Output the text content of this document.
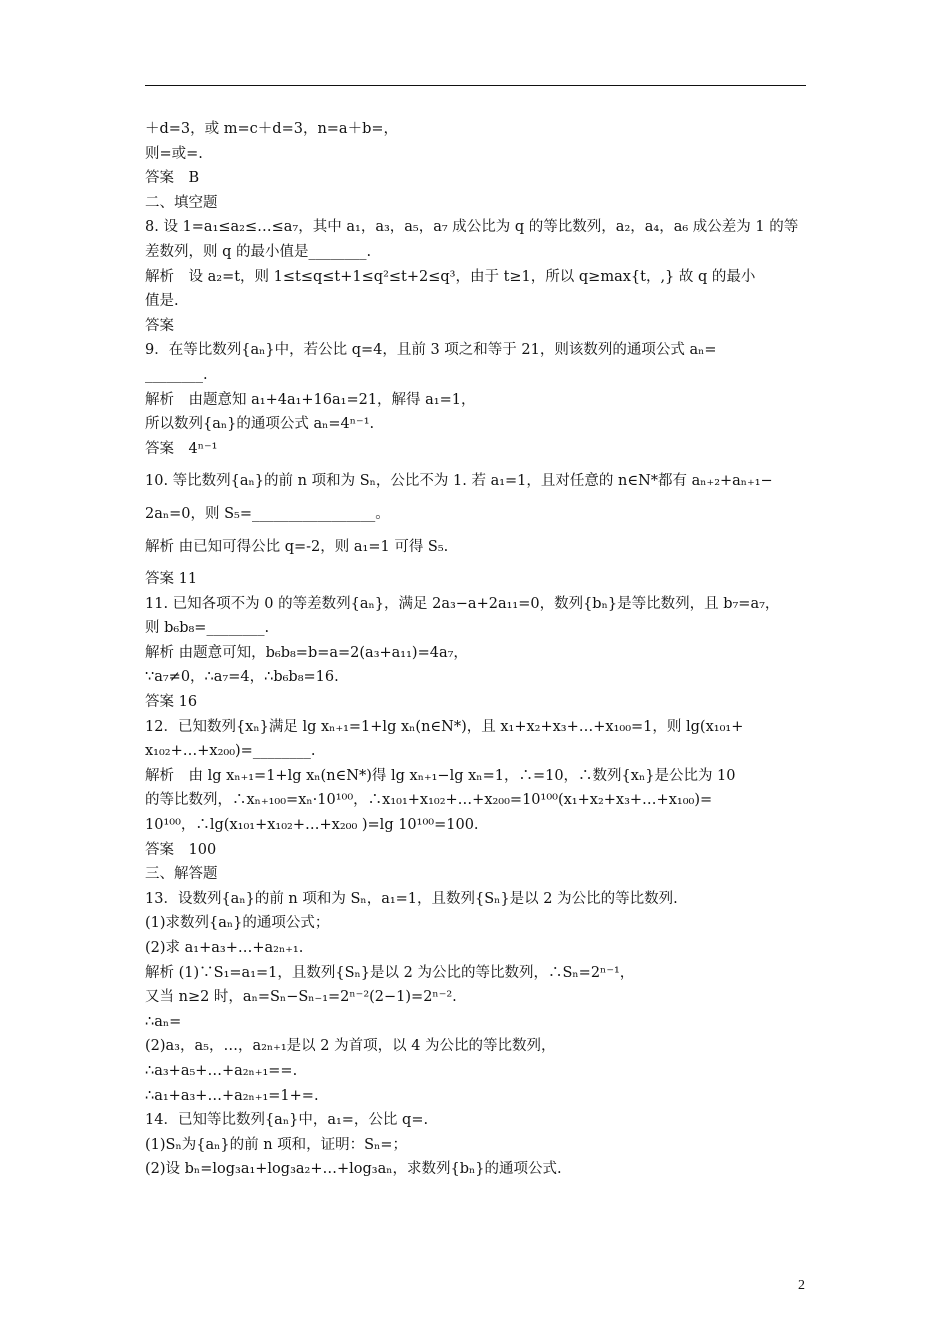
＋d=3，或 m=c＋d=3，n=a＋b=，
则=或=.
答案　B
二、填空题
8. 设 1=a₁≤a₂≤…≤a₇，其中 a₁，a₃，a₅，a₇ 成公比为 q 的等比数列，a₂，a₄，a₆ 成公差为 1 的等
差数列，则 q 的最小值是________.
解析　设 a₂=t，则 1≤t≤q≤t+1≤q²≤t+2≤q³，由于 t≥1，所以 q≥max{t，,} 故 q 的最小
值是.
答案
9．在等比数列{aₙ}中，若公比 q=4，且前 3 项之和等于 21，则该数列的通项公式 aₙ=
________.
解析　由题意知 a₁+4a₁+16a₁=21，解得 a₁=1，
所以数列{aₙ}的通项公式 aₙ=4ⁿ⁻¹.
答案　4ⁿ⁻¹
10. 等比数列{aₙ}的前 n 项和为 Sₙ，公比不为 1. 若 a₁=1，且对任意的 n∈N*都有 aₙ₊₂+aₙ₊₁−
2aₙ=0，则 S₅=_________________。
解析 由已知可得公比 q=-2，则 a₁=1 可得 S₅.
答案 11
11. 已知各项不为 0 的等差数列{aₙ}，满足 2a₃−a+2a₁₁=0，数列{bₙ}是等比数列，且 b₇=a₇，
则 b₆b₈=________.
解析 由题意可知，b₆b₈=b=a=2(a₃+a₁₁)=4a₇，
∵a₇≠0，∴a₇=4，∴b₆b₈=16.
答案 16
12．已知数列{xₙ}满足 lg xₙ₊₁=1+lg xₙ(n∈N*)，且 x₁+x₂+x₃+…+x₁₀₀=1，则 lg(x₁₀₁+
x₁₀₂+…+x₂₀₀)=________.
解析　由 lg xₙ₊₁=1+lg xₙ(n∈N*)得 lg xₙ₊₁−lg xₙ=1，∴=10，∴数列{xₙ}是公比为 10
的等比数列，∴xₙ₊₁₀₀=xₙ·10¹⁰⁰，∴x₁₀₁+x₁₀₂+…+x₂₀₀=10¹⁰⁰(x₁+x₂+x₃+…+x₁₀₀)=
10¹⁰⁰，∴lg(x₁₀₁+x₁₀₂+…+x₂₀₀ )=lg 10¹⁰⁰=100.
答案　100
三、解答题
13．设数列{aₙ}的前 n 项和为 Sₙ，a₁=1，且数列{Sₙ}是以 2 为公比的等比数列.
(1)求数列{aₙ}的通项公式；
(2)求 a₁+a₃+…+a₂ₙ₊₁.
解析 (1)∵S₁=a₁=1，且数列{Sₙ}是以 2 为公比的等比数列，∴Sₙ=2ⁿ⁻¹，
又当 n≥2 时，aₙ=Sₙ−Sₙ₋₁=2ⁿ⁻²(2−1)=2ⁿ⁻².
∴aₙ=
(2)a₃，a₅，…，a₂ₙ₊₁是以 2 为首项，以 4 为公比的等比数列，
∴a₃+a₅+…+a₂ₙ₊₁==.
∴a₁+a₃+…+a₂ₙ₊₁=1+=.
14．已知等比数列{aₙ}中，a₁=，公比 q=.
(1)Sₙ为{aₙ}的前 n 项和，证明：Sₙ=；
(2)设 bₙ=log₃a₁+log₃a₂+…+log₃aₙ，求数列{bₙ}的通项公式.
2
